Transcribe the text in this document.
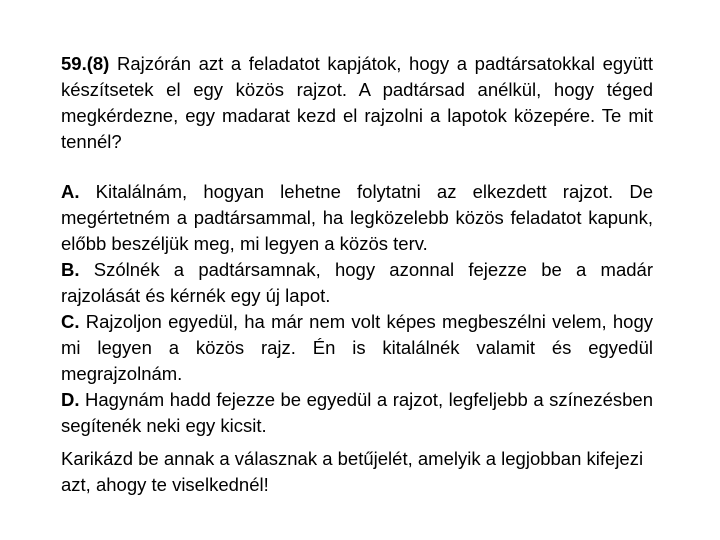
59.(8) Rajzórán azt a feladatot kapjátok, hogy a padtársatokkal együtt készítsetek el egy közös rajzot. A padtársad anélkül, hogy téged megkérdezne, egy madarat kezd el rajzolni a lapotok közepére. Te mit tennél?

A. Kitalálnám, hogyan lehetne folytatni az elkezdett rajzot. De megértetném a padtársammal, ha legközelebb közös feladatot kapunk, előbb beszéljük meg, mi legyen a közös terv.

B. Szólnék a padtársamnak, hogy azonnal fejezze be a madár rajzolását és kérnék egy új lapot.

C. Rajzoljon egyedül, ha már nem volt képes megbeszélni velem, hogy mi legyen a közös rajz. Én is kitalálnék valamit és egyedül megrajzolnám.

D. Hagynám hadd fejezze be egyedül a rajzot, legfeljebb a színezésben segítenék neki egy kicsit.

Karikázd be annak a válasznak a betűjelét, amelyik a legjobban kifejezi azt, ahogy te viselkednél!
